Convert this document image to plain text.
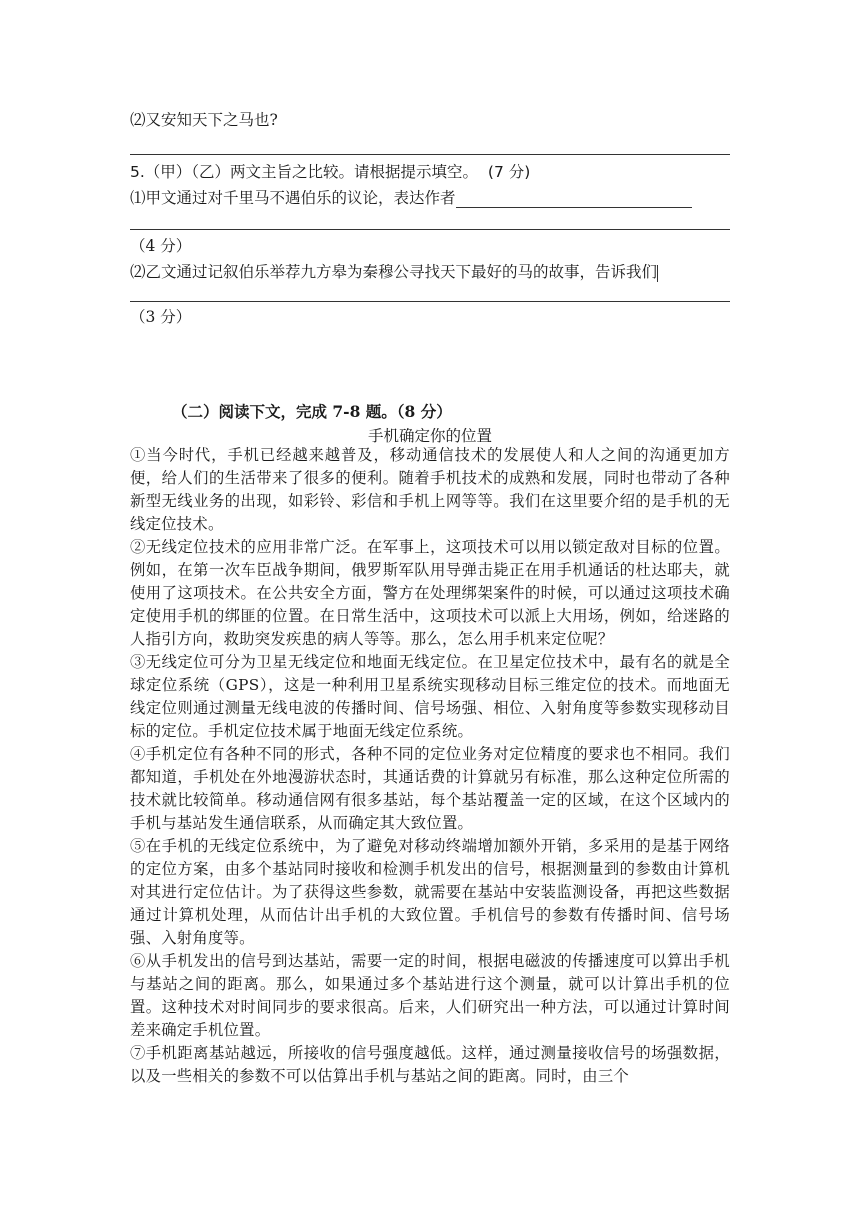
⑵又安知天下之马也?
5.（甲）（乙）两文主旨之比较。请根据提示填空。 (7 分)
⑴甲文通过对千里马不遇伯乐的议论，表达作者
（4 分）
⑵乙文通过记叙伯乐举荐九方皋为秦穆公寻找天下最好的马的故事，告诉我们
（3 分）
（二）阅读下文，完成 7-8 题。（8 分）
手机确定你的位置

①当今时代，手机已经越来越普及，移动通信技术的发展使人和人之间的沟通更加方便，给人们的生活带来了很多的便利。随着手机技术的成熟和发展，同时也带动了各种新型无线业务的出现，如彩铃、彩信和手机上网等等。我们在这里要介绍的是手机的无线定位技术。

②无线定位技术的应用非常广泛。在军事上，这项技术可以用以锁定敌对目标的位置。例如，在第一次车臣战争期间，俄罗斯军队用导弹击毙正在用手机通话的杜达耶夫，就使用了这项技术。在公共安全方面，警方在处理绑架案件的时候，可以通过这项技术确定使用手机的绑匪的位置。在日常生活中，这项技术可以派上大用场，例如，给迷路的人指引方向，救助突发疾患的病人等等。那么，怎么用手机来定位呢？

③无线定位可分为卫星无线定位和地面无线定位。在卫星定位技术中，最有名的就是全球定位系统（GPS），这是一种利用卫星系统实现移动目标三维定位的技术。而地面无线定位则通过测量无线电波的传播时间、信号场强、相位、入射角度等参数实现移动目标的定位。手机定位技术属于地面无线定位系统。

④手机定位有各种不同的形式，各种不同的定位业务对定位精度的要求也不相同。我们都知道，手机处在外地漫游状态时，其通话费的计算就另有标准，那么这种定位所需的技术就比较简单。移动通信网有很多基站，每个基站覆盖一定的区域，在这个区域内的手机与基站发生通信联系，从而确定其大致位置。

⑤在手机的无线定位系统中，为了避免对移动终端增加额外开销，多采用的是基于网络的定位方案，由多个基站同时接收和检测手机发出的信号，根据测量到的参数由计算机对其进行定位估计。为了获得这些参数，就需要在基站中安装监测设备，再把这些数据通过计算机处理，从而估计出手机的大致位置。手机信号的参数有传播时间、信号场强、入射角度等。

⑥从手机发出的信号到达基站，需要一定的时间，根据电磁波的传播速度可以算出手机与基站之间的距离。那么，如果通过多个基站进行这个测量，就可以计算出手机的位置。这种技术对时间同步的要求很高。后来，人们研究出一种方法，可以通过计算时间差来确定手机位置。

⑦手机距离基站越远，所接收的信号强度越低。这样，通过测量接收信号的场强数据，以及一些相关的参数不可以估算出手机与基站之间的距离。同时，由三个
